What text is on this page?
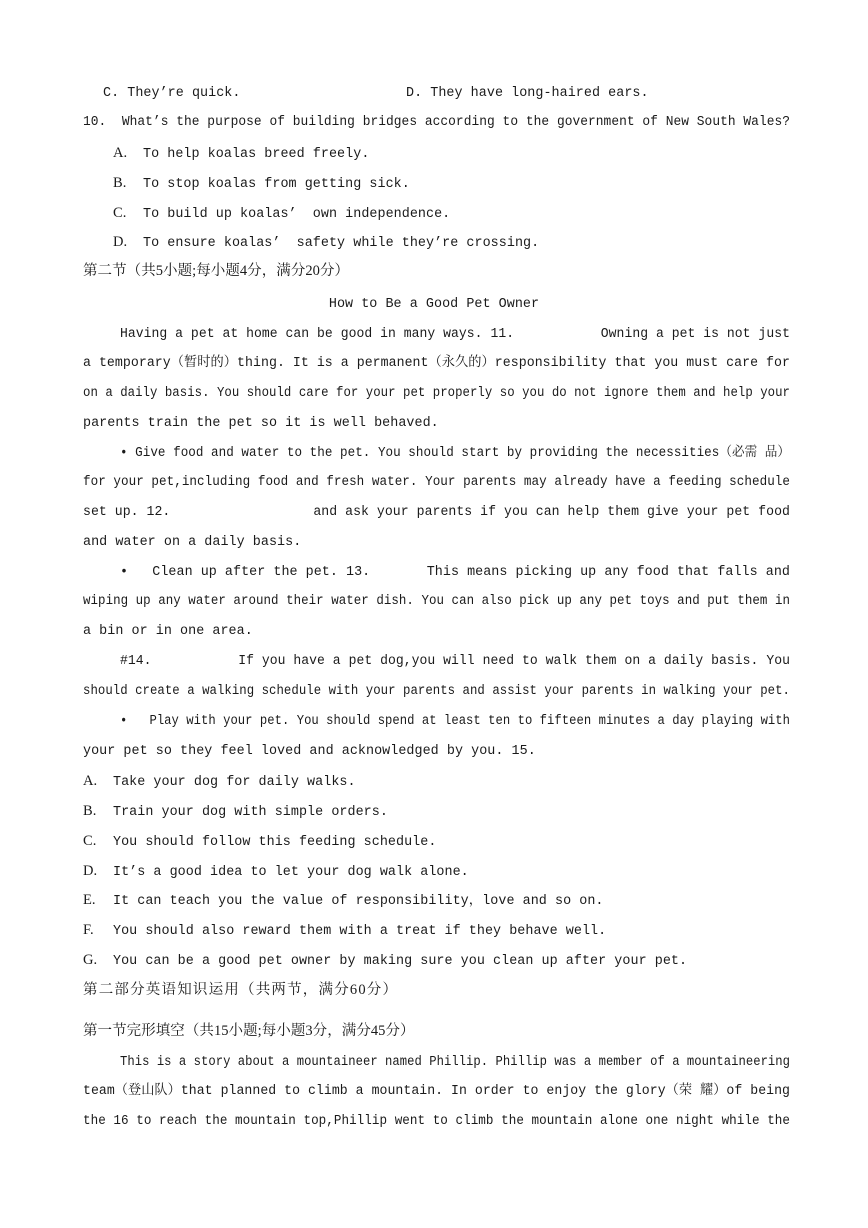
C. They’re quick.	D. They have long-haired ears.
10.  What’s the purpose of building bridges according to the government of New South Wales?
A. To help koalas breed freely.
B. To stop koalas from getting sick.
C. To build up koalas’  own independence.
D. To ensure koalas’  safety while they’re crossing.
第二节（共5小题;每小题4分，满分20分）
How to Be a Good Pet Owner
Having a pet at home can be good in many ways. 11.           Owning a pet is not just
a temporary（暂时的）thing. It is a permanent（永久的）responsibility that you must care for
on a daily basis. You should care for your pet properly so you do not ignore them and help your
parents train the pet so it is well behaved.
• Give food and water to the pet. You should start by providing the necessities（必需 品）
for your pet,including food and fresh water. Your parents may already have a feeding schedule
set up. 12.                  and ask your parents if you can help them give your pet food
and water on a daily basis.
•   Clean up after the pet. 13.       This means picking up any food that falls and
wiping up any water around their water dish. You can also pick up any pet toys and put them in
a bin or in one area.
#14.           If you have a pet dog,you will need to walk them on a daily basis. You
should create a walking schedule with your parents and assist your parents in walking your pet.
•   Play with your pet. You should spend at least ten to fifteen minutes a day playing with
your pet so they feel loved and acknowledged by you. 15.
A. Take your dog for daily walks.
B. Train your dog with simple orders.
C. You should follow this feeding schedule.
D. It’s a good idea to let your dog walk alone.
E. It can teach you the value of responsibility，love and so on.
F. You should also reward them with a treat if they behave well.
G. You can be a good pet owner by making sure you clean up after your pet.
第二部分英语知识运用（共两节，满分60分）
第一节完形填空（共15小题;每小题3分，满分45分）
This is a story about a mountaineer named Phillip. Phillip was a member of a mountaineering
team（登山队）that planned to climb a mountain. In order to enjoy the glory（荣 耀）of being
the 16 to reach the mountain top,Phillip went to climb the mountain alone one night while the
